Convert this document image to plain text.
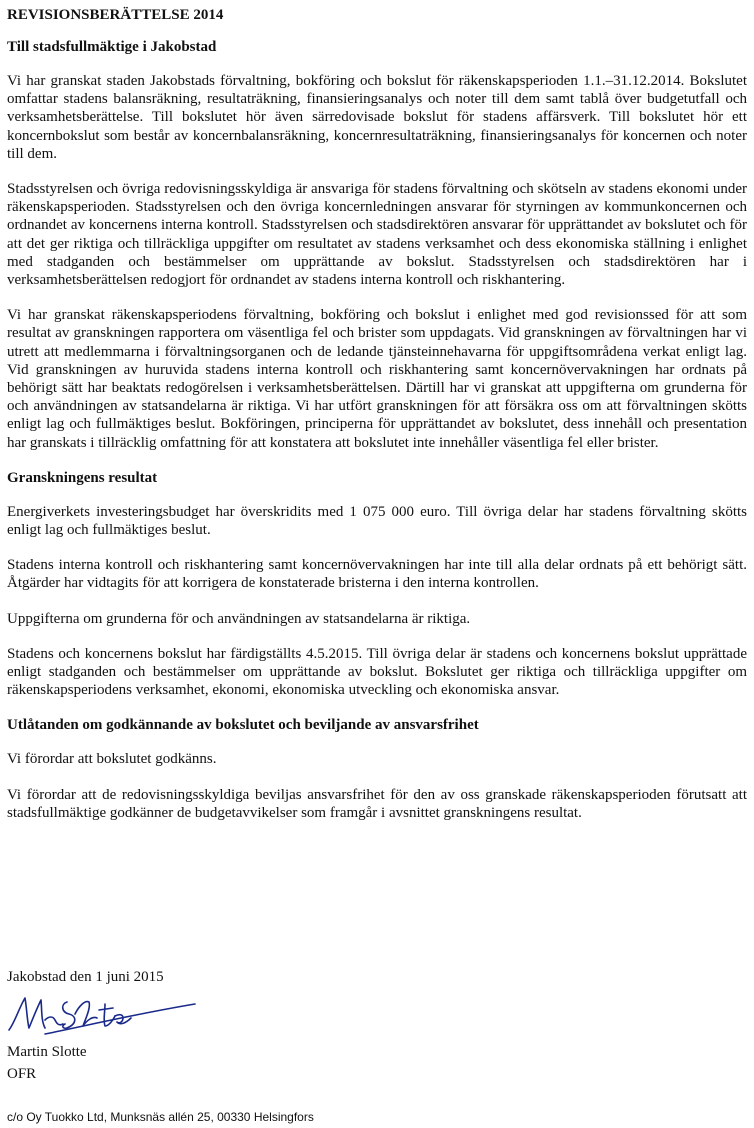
REVISIONSBERÄTTELSE 2014
Till stadsfullmäktige i Jakobstad

Vi har granskat staden Jakobstads förvaltning, bokföring och bokslut för räkenskapsperioden 1.1.–31.12.2014. Bokslutet omfattar stadens balansräkning, resultaträkning, finansieringsanalys och noter till dem samt tablå över budgetutfall och verksamhetsberättelse. Till bokslutet hör även särredovisade bokslut för stadens affärsverk. Till bokslutet hör ett koncernbokslut som består av koncernbalansräkning, koncernresultaträkning, finansieringsanalys för koncernen och noter till dem.

Stadsstyrelsen och övriga redovisningsskyldiga är ansvariga för stadens förvaltning och skötseln av stadens ekonomi under räkenskapsperioden. Stadsstyrelsen och den övriga koncernledningen ansvarar för styrningen av kommunkoncernen och ordnandet av koncernens interna kontroll. Stadsstyrelsen och stadsdirektören ansvarar för upprättandet av bokslutet och för att det ger riktiga och tillräckliga uppgifter om resultatet av stadens verksamhet och dess ekonomiska ställning i enlighet med stadganden och bestämmelser om upprättande av bokslut. Stadsstyrelsen och stadsdirektören har i verksamhetsberättelsen redogjort för ordnandet av stadens interna kontroll och riskhantering.

Vi har granskat räkenskapsperiodens förvaltning, bokföring och bokslut i enlighet med god revisionssed för att som resultat av granskningen rapportera om väsentliga fel och brister som uppdagats. Vid granskningen av förvaltningen har vi utrett att medlemmarna i förvaltningsorganen och de ledande tjänsteinnehavarna för uppgiftsområdena verkat enligt lag. Vid granskningen av huruvida stadens interna kontroll och riskhantering samt koncernövervakningen har ordnats på behörigt sätt har beaktats redogörelsen i verksamhetsberättelsen. Därtill har vi granskat att uppgifterna om grunderna för och användningen av statsandelarna är riktiga. Vi har utfört granskningen för att försäkra oss om att förvaltningen skötts enligt lag och fullmäktiges beslut. Bokföringen, principerna för upprättandet av bokslutet, dess innehåll och presentation har granskats i tillräcklig omfattning för att konstatera att bokslutet inte innehåller väsentliga fel eller brister.

Granskningens resultat

Energiverkets investeringsbudget har överskridits med 1 075 000 euro. Till övriga delar har stadens förvaltning skötts enligt lag och fullmäktiges beslut.

Stadens interna kontroll och riskhantering samt koncernövervakningen har inte till alla delar ordnats på ett behörigt sätt. Åtgärder har vidtagits för att korrigera de konstaterade bristerna i den interna kontrollen.

Uppgifterna om grunderna för och användningen av statsandelarna är riktiga.

Stadens och koncernens bokslut har färdigställts 4.5.2015. Till övriga delar är stadens och koncernens bokslut upprättade enligt stadganden och bestämmelser om upprättande av bokslut. Bokslutet ger riktiga och tillräckliga uppgifter om räkenskapsperiodens verksamhet, ekonomi, ekonomiska utveckling och ekonomiska ansvar.

Utlåtanden om godkännande av bokslutet och beviljande av ansvarsfrihet

Vi förordar att bokslutet godkänns.

Vi förordar att de redovisningsskyldiga beviljas ansvarsfrihet för den av oss granskade räkenskapsperioden förutsatt att stadsfullmäktige godkänner de budgetavvikelser som framgår i avsnittet granskningens resultat.

Jakobstad den 1 juni 2015
Martin Slotte
OFR
c/o Oy Tuokko Ltd, Munksnäs allén 25, 00330 Helsingfors
